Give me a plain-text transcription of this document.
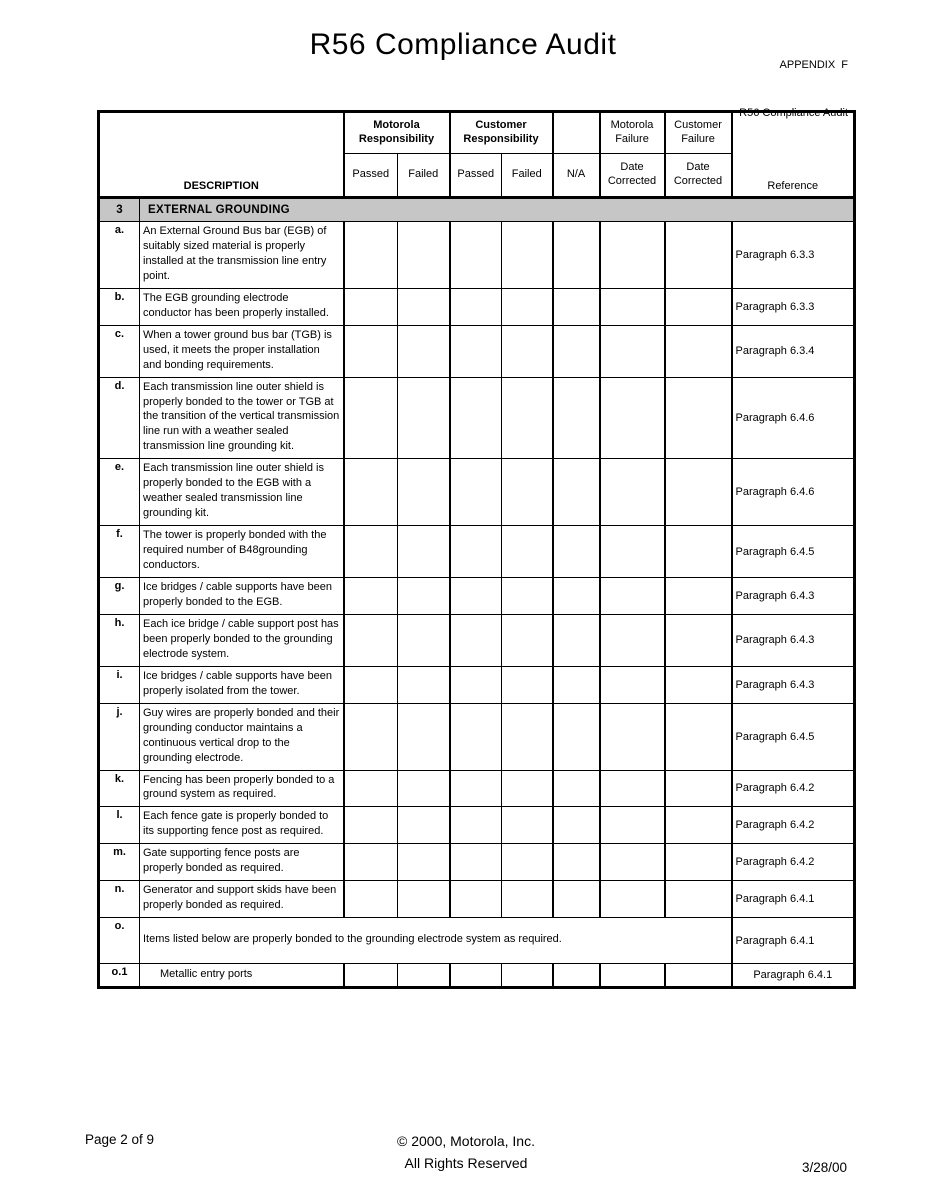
R56 Compliance Audit

APPENDIX  F

R56 Compliance Audit

DESCRIPTION		Motorola Responsibility		Customer Responsibility			Motorola Failure	Customer Failure	Reference
		Passed	Failed	Passed	Failed	N/A	Date Corrected	Date Corrected	
3	EXTERNAL GROUNDING								
a.	An External Ground Bus bar (EGB) of suitably sized material is properly installed at the transmission line entry point.								Paragraph 6.3.3
b.	The EGB grounding electrode conductor has been properly installed.								Paragraph 6.3.3
c.	When a tower ground bus bar (TGB) is used, it meets the proper installation and bonding requirements.								Paragraph 6.3.4
d.	Each transmission line outer shield is properly bonded to the tower or TGB at the transition of the vertical transmission line run with a weather sealed transmission line grounding kit.								Paragraph 6.4.6
e.	Each transmission line outer shield is properly bonded to the EGB with a weather sealed transmission line grounding kit.								Paragraph 6.4.6
f.	The tower is properly bonded with the required number of B48grounding conductors.								Paragraph 6.4.5
g.	Ice bridges / cable supports have been properly bonded to the EGB.								Paragraph 6.4.3
h.	Each ice bridge / cable support post has been properly bonded to the grounding electrode system.								Paragraph 6.4.3
i.	Ice bridges / cable supports have been properly isolated from the tower.								Paragraph 6.4.3
j.	Guy wires are properly bonded and their grounding conductor maintains a continuous vertical drop to the grounding electrode.								Paragraph 6.4.5
k.	Fencing has been properly bonded to a ground system as required.								Paragraph 6.4.2
l.	Each fence gate is properly bonded to its supporting fence post as required.								Paragraph 6.4.2
m.	Gate supporting fence posts are properly bonded as required.								Paragraph 6.4.2
n.	Generator and support skids have been properly bonded as required.								Paragraph 6.4.1
o.	Items listed below are properly bonded to the grounding electrode system as required.								Paragraph 6.4.1
o.1	Metallic entry ports								Paragraph 6.4.1
Page 2 of 9	© 2000, Motorola, Inc.
All Rights Reserved	3/28/00
